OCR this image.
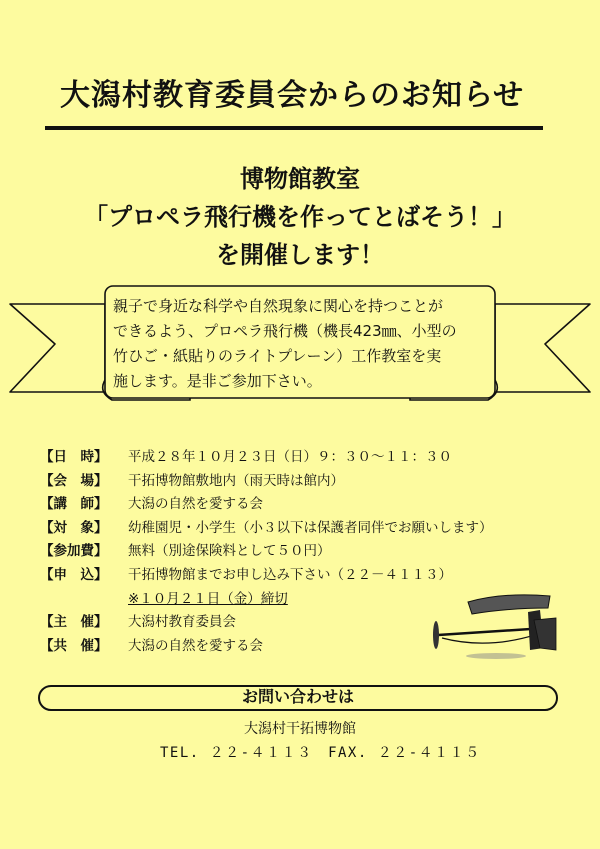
大潟村教育委員会からのお知らせ
博物館教室
「プロペラ飛行機を作ってとばそう！」
を開催します！
親子で身近な科学や自然現象に関心を持つことが
できるよう、プロペラ飛行機（機長423㎜、小型の
竹ひご・紙貼りのライトプレーン）工作教室を実
施します。是非ご参加下さい。
【日　時】	平成２８年１０月２３日（日）９：３０～１１：３０
【会　場】	干拓博物館敷地内（雨天時は館内）
【講　師】	大潟の自然を愛する会
【対　象】	幼稚園児・小学生（小３以下は保護者同伴でお願いします）
【参加費】	無料（別途保険料として５０円）
【申　込】	干拓博物館までお申し込み下さい（２２－４１１３）
※１０月２１日（金）締切
【主　催】	大潟村教育委員会
【共　催】	大潟の自然を愛する会
お問い合わせは
大潟村干拓博物館
TEL. ２２-４１１３　FAX. ２２-４１１５
